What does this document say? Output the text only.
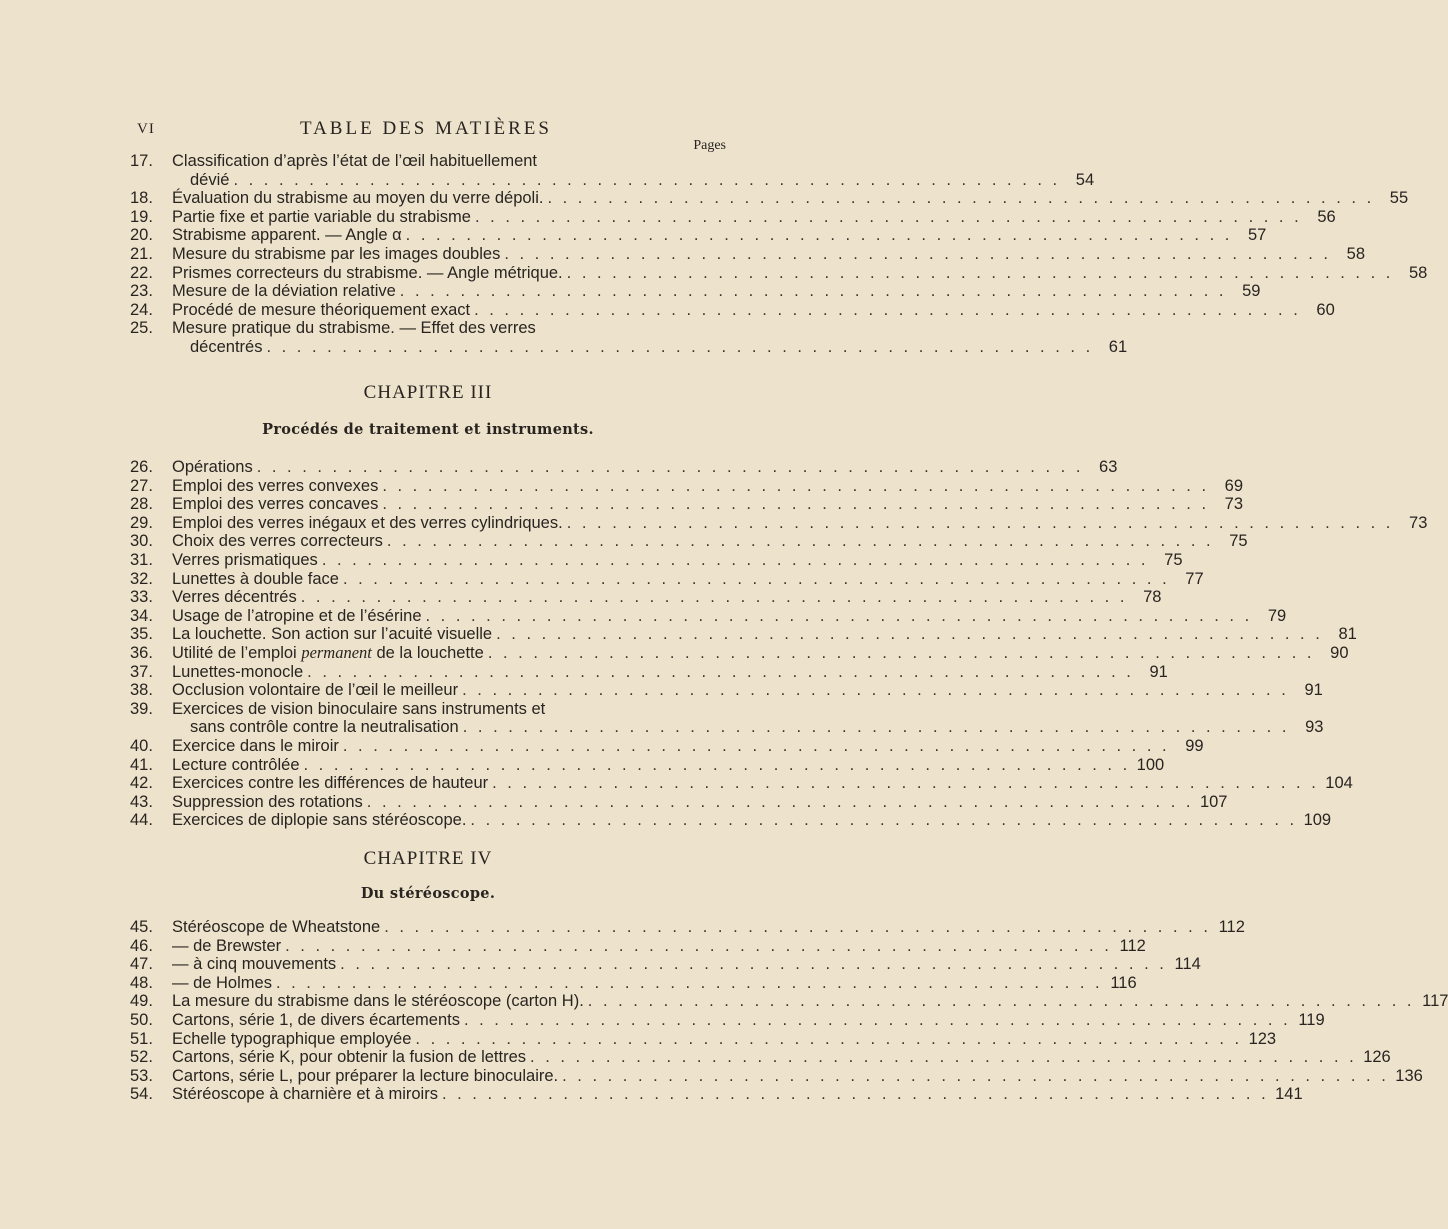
VI	TABLE DES MATIÈRES
Pages
17.	Classification d’après l’état de l’œil habituellement
dévié . . . . . . . . . . . . . . . . . . . . . . . . . . . . . . . . . . . . . . . . . . . . . . . . . . . . . . . 54
18.	Évaluation du strabisme au moyen du verre dépoli. . . . . . . . . . . . . . . . . . . . . . . . . . . . . . . . . . . . . . . . . . . . . . . . . . . . . . . . 55
19.	Partie fixe et partie variable du strabisme . . . . . . . . . . . . . . . . . . . . . . . . . . . . . . . . . . . . . . . . . . . . . . . . . . . . . . . 56
20.	Strabisme apparent. — Angle α . . . . . . . . . . . . . . . . . . . . . . . . . . . . . . . . . . . . . . . . . . . . . . . . . . . . . . . 57
21.	Mesure du strabisme par les images doubles . . . . . . . . . . . . . . . . . . . . . . . . . . . . . . . . . . . . . . . . . . . . . . . . . . . . . . . 58
22.	Prismes correcteurs du strabisme. — Angle métrique. . . . . . . . . . . . . . . . . . . . . . . . . . . . . . . . . . . . . . . . . . . . . . . . . . . . . . . . 58
23.	Mesure de la déviation relative . . . . . . . . . . . . . . . . . . . . . . . . . . . . . . . . . . . . . . . . . . . . . . . . . . . . . . . 59
24.	Procédé de mesure théoriquement exact . . . . . . . . . . . . . . . . . . . . . . . . . . . . . . . . . . . . . . . . . . . . . . . . . . . . . . . 60
25.	Mesure pratique du strabisme. — Effet des verres
décentrés . . . . . . . . . . . . . . . . . . . . . . . . . . . . . . . . . . . . . . . . . . . . . . . . . . . . . . . 61
CHAPITRE III
Procédés de traitement et instruments.
26.	Opérations . . . . . . . . . . . . . . . . . . . . . . . . . . . . . . . . . . . . . . . . . . . . . . . . . . . . . . . 63
27.	Emploi des verres convexes . . . . . . . . . . . . . . . . . . . . . . . . . . . . . . . . . . . . . . . . . . . . . . . . . . . . . . . 69
28.	Emploi des verres concaves . . . . . . . . . . . . . . . . . . . . . . . . . . . . . . . . . . . . . . . . . . . . . . . . . . . . . . . 73
29.	Emploi des verres inégaux et des verres cylindriques. . . . . . . . . . . . . . . . . . . . . . . . . . . . . . . . . . . . . . . . . . . . . . . . . . . . . . . . 73
30.	Choix des verres correcteurs . . . . . . . . . . . . . . . . . . . . . . . . . . . . . . . . . . . . . . . . . . . . . . . . . . . . . . . 75
31.	Verres prismatiques . . . . . . . . . . . . . . . . . . . . . . . . . . . . . . . . . . . . . . . . . . . . . . . . . . . . . . . 75
32.	Lunettes à double face . . . . . . . . . . . . . . . . . . . . . . . . . . . . . . . . . . . . . . . . . . . . . . . . . . . . . . . 77
33.	Verres décentrés . . . . . . . . . . . . . . . . . . . . . . . . . . . . . . . . . . . . . . . . . . . . . . . . . . . . . . . 78
34.	Usage de l’atropine et de l’ésérine . . . . . . . . . . . . . . . . . . . . . . . . . . . . . . . . . . . . . . . . . . . . . . . . . . . . . . . 79
35.	La louchette. Son action sur l’acuité visuelle . . . . . . . . . . . . . . . . . . . . . . . . . . . . . . . . . . . . . . . . . . . . . . . . . . . . . . . 81
36.	Utilité de l’emploi permanent de la louchette . . . . . . . . . . . . . . . . . . . . . . . . . . . . . . . . . . . . . . . . . . . . . . . . . . . . . . . 90
37.	Lunettes-monocle . . . . . . . . . . . . . . . . . . . . . . . . . . . . . . . . . . . . . . . . . . . . . . . . . . . . . . . 91
38.	Occlusion volontaire de l’œil le meilleur . . . . . . . . . . . . . . . . . . . . . . . . . . . . . . . . . . . . . . . . . . . . . . . . . . . . . . . 91
39.	Exercices de vision binoculaire sans instruments et
sans contrôle contre la neutralisation . . . . . . . . . . . . . . . . . . . . . . . . . . . . . . . . . . . . . . . . . . . . . . . . . . . . . . . 93
40.	Exercice dans le miroir . . . . . . . . . . . . . . . . . . . . . . . . . . . . . . . . . . . . . . . . . . . . . . . . . . . . . . . 99
41.	Lecture contrôlée . . . . . . . . . . . . . . . . . . . . . . . . . . . . . . . . . . . . . . . . . . . . . . . . . . . . . . . 100
42.	Exercices contre les différences de hauteur . . . . . . . . . . . . . . . . . . . . . . . . . . . . . . . . . . . . . . . . . . . . . . . . . . . . . . . 104
43.	Suppression des rotations . . . . . . . . . . . . . . . . . . . . . . . . . . . . . . . . . . . . . . . . . . . . . . . . . . . . . . . 107
44.	Exercices de diplopie sans stéréoscope. . . . . . . . . . . . . . . . . . . . . . . . . . . . . . . . . . . . . . . . . . . . . . . . . . . . . . . . 109
CHAPITRE IV
Du stéréoscope.
45.	Stéréoscope de Wheatstone . . . . . . . . . . . . . . . . . . . . . . . . . . . . . . . . . . . . . . . . . . . . . . . . . . . . . . . 112
46.	— de Brewster . . . . . . . . . . . . . . . . . . . . . . . . . . . . . . . . . . . . . . . . . . . . . . . . . . . . . . . 112
47.	— à cinq mouvements . . . . . . . . . . . . . . . . . . . . . . . . . . . . . . . . . . . . . . . . . . . . . . . . . . . . . . . 114
48.	— de Holmes . . . . . . . . . . . . . . . . . . . . . . . . . . . . . . . . . . . . . . . . . . . . . . . . . . . . . . . 116
49.	La mesure du strabisme dans le stéréoscope (carton H). . . . . . . . . . . . . . . . . . . . . . . . . . . . . . . . . . . . . . . . . . . . . . . . . . . . . . . . 117
50.	Cartons, série 1, de divers écartements . . . . . . . . . . . . . . . . . . . . . . . . . . . . . . . . . . . . . . . . . . . . . . . . . . . . . . . 119
51.	Echelle typographique employée . . . . . . . . . . . . . . . . . . . . . . . . . . . . . . . . . . . . . . . . . . . . . . . . . . . . . . . 123
52.	Cartons, série K, pour obtenir la fusion de lettres . . . . . . . . . . . . . . . . . . . . . . . . . . . . . . . . . . . . . . . . . . . . . . . . . . . . . . . 126
53.	Cartons, série L, pour préparer la lecture binoculaire. . . . . . . . . . . . . . . . . . . . . . . . . . . . . . . . . . . . . . . . . . . . . . . . . . . . . . . . 136
54.	Stéréoscope à charnière et à miroirs . . . . . . . . . . . . . . . . . . . . . . . . . . . . . . . . . . . . . . . . . . . . . . . . . . . . . . . 141
